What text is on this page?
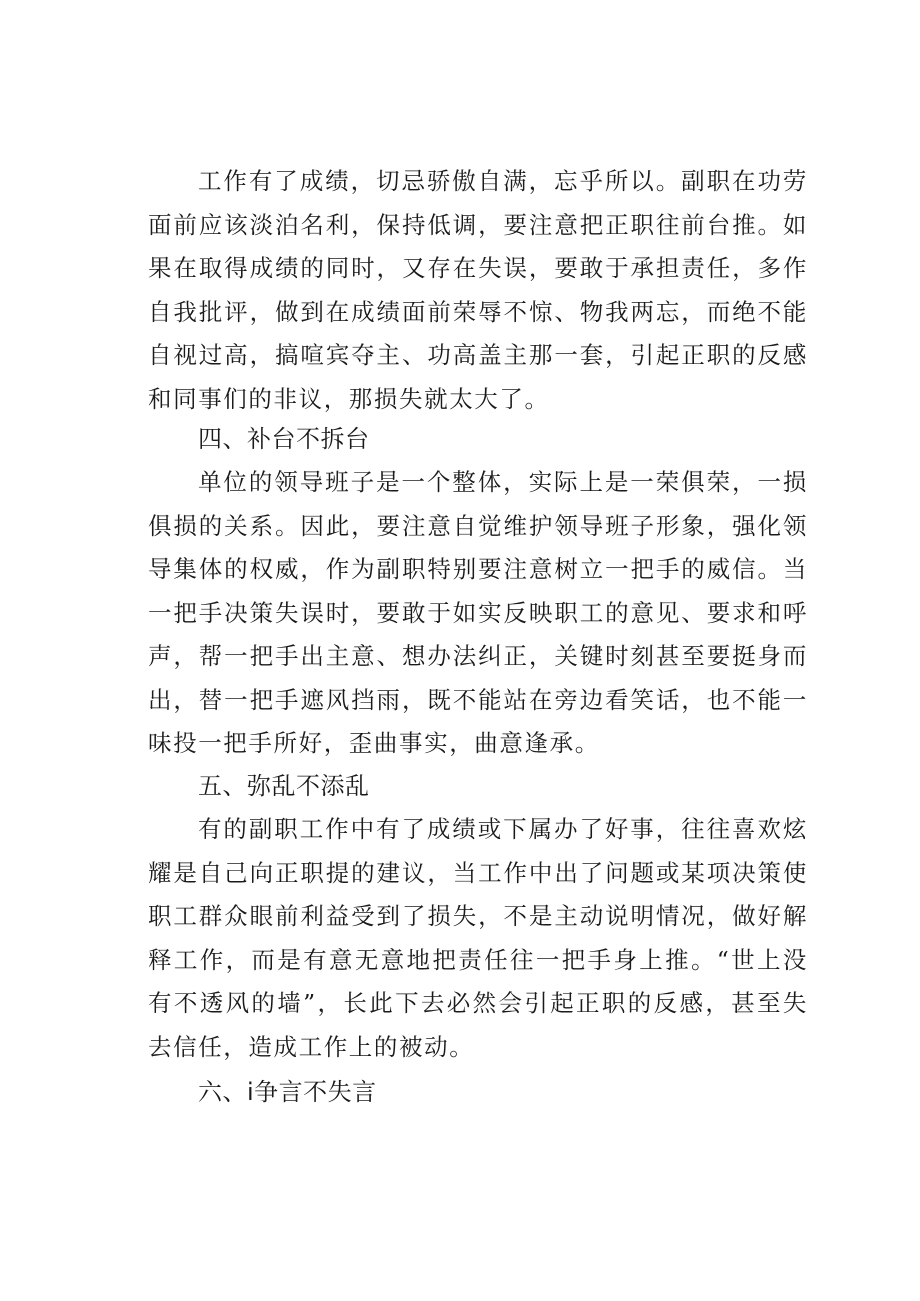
工作有了成绩，切忌骄傲自满，忘乎所以。副职在功劳面前应该淡泊名利，保持低调，要注意把正职往前台推。如果在取得成绩的同时，又存在失误，要敢于承担责任，多作自我批评，做到在成绩面前荣辱不惊、物我两忘，而绝不能自视过高，搞喧宾夺主、功高盖主那一套，引起正职的反感和同事们的非议，那损失就太大了。

四、补台不拆台

单位的领导班子是一个整体，实际上是一荣俱荣，一损俱损的关系。因此，要注意自觉维护领导班子形象，强化领导集体的权威，作为副职特别要注意树立一把手的威信。当一把手决策失误时，要敢于如实反映职工的意见、要求和呼声，帮一把手出主意、想办法纠正，关键时刻甚至要挺身而出，替一把手遮风挡雨，既不能站在旁边看笑话，也不能一味投一把手所好，歪曲事实，曲意逢承。

五、弥乱不添乱

有的副职工作中有了成绩或下属办了好事，往往喜欢炫耀是自己向正职提的建议，当工作中出了问题或某项决策使职工群众眼前利益受到了损失，不是主动说明情况，做好解释工作，而是有意无意地把责任往一把手身上推。“世上没有不透风的墙”，长此下去必然会引起正职的反感，甚至失去信任，造成工作上的被动。

六、i争言不失言
